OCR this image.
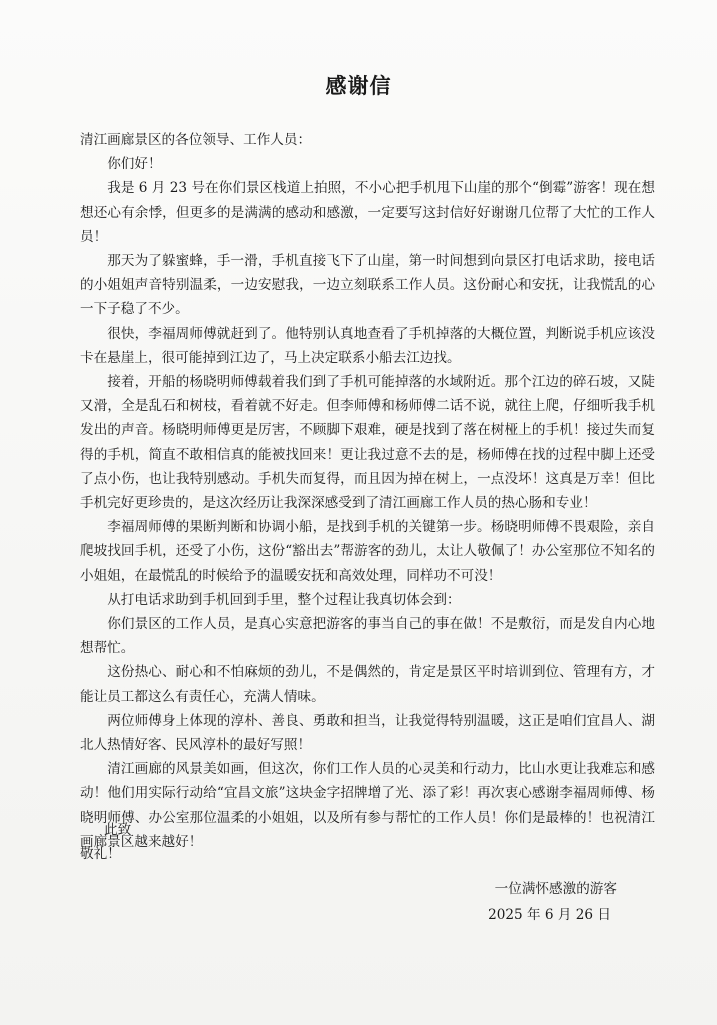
感谢信

清江画廊景区的各位领导、工作人员：

你们好！

我是 6 月 23 号在你们景区栈道上拍照，不小心把手机甩下山崖的那个“倒霉”游客！现在想想还心有余悸，但更多的是满满的感动和感激，一定要写这封信好好谢谢几位帮了大忙的工作人员！

那天为了躲蜜蜂，手一滑，手机直接飞下了山崖，第一时间想到向景区打电话求助，接电话的小姐姐声音特别温柔，一边安慰我，一边立刻联系工作人员。这份耐心和安抚，让我慌乱的心一下子稳了不少。

很快，李福周师傅就赶到了。他特别认真地查看了手机掉落的大概位置，判断说手机应该没卡在悬崖上，很可能掉到江边了，马上决定联系小船去江边找。

接着，开船的杨晓明师傅载着我们到了手机可能掉落的水域附近。那个江边的碎石坡，又陡又滑，全是乱石和树枝，看着就不好走。但李师傅和杨师傅二话不说，就往上爬，仔细听我手机发出的声音。杨晓明师傅更是厉害，不顾脚下艰难，硬是找到了落在树桠上的手机！接过失而复得的手机，简直不敢相信真的能被找回来！更让我过意不去的是，杨师傅在找的过程中脚上还受了点小伤，也让我特别感动。手机失而复得，而且因为掉在树上，一点没坏！这真是万幸！但比手机完好更珍贵的，是这次经历让我深深感受到了清江画廊工作人员的热心肠和专业！

李福周师傅的果断判断和协调小船，是找到手机的关键第一步。杨晓明师傅不畏艰险，亲自爬坡找回手机，还受了小伤，这份“豁出去”帮游客的劲儿，太让人敬佩了！办公室那位不知名的小姐姐，在最慌乱的时候给予的温暖安抚和高效处理，同样功不可没！

从打电话求助到手机回到手里，整个过程让我真切体会到：

你们景区的工作人员，是真心实意把游客的事当自己的事在做！不是敷衍，而是发自内心地想帮忙。

这份热心、耐心和不怕麻烦的劲儿，不是偶然的，肯定是景区平时培训到位、管理有方，才能让员工都这么有责任心，充满人情味。

两位师傅身上体现的淳朴、善良、勇敢和担当，让我觉得特别温暖，这正是咱们宜昌人、湖北人热情好客、民风淳朴的最好写照！

清江画廊的风景美如画，但这次，你们工作人员的心灵美和行动力，比山水更让我难忘和感动！他们用实际行动给“宜昌文旅”这块金字招牌增了光、添了彩！再次衷心感谢李福周师傅、杨晓明师傅、办公室那位温柔的小姐姐，以及所有参与帮忙的工作人员！你们是最棒的！也祝清江画廊景区越来越好！

此致
敬礼！
一位满怀感激的游客
2025 年 6 月 26 日
